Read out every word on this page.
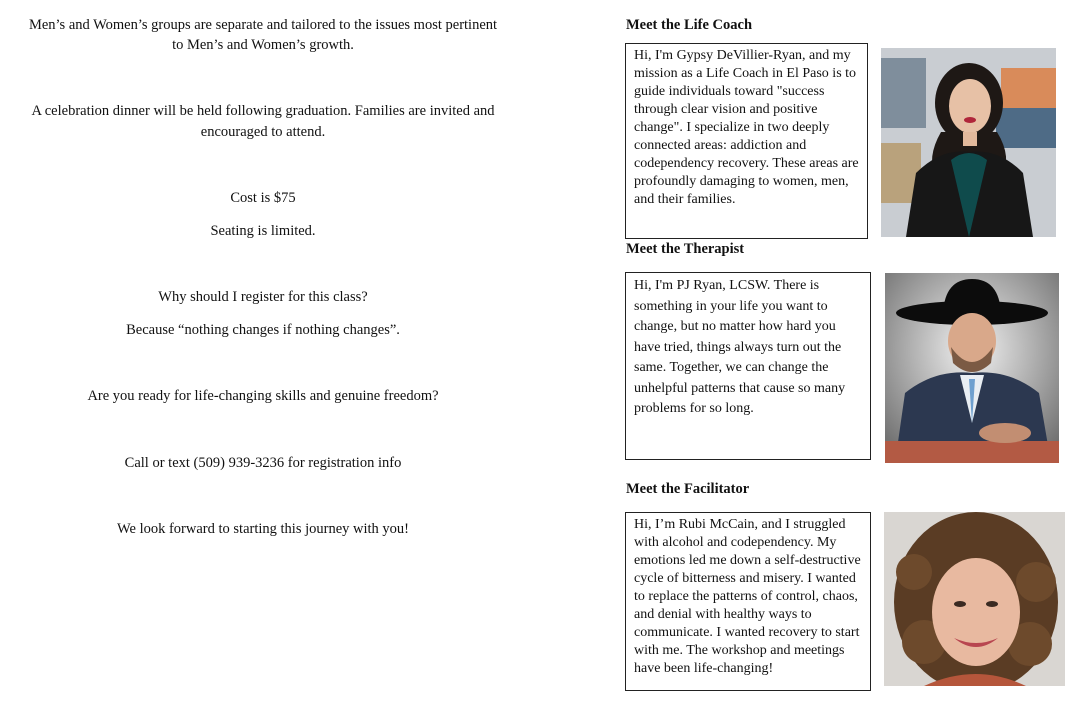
Men’s and Women’s groups are separate and tailored to the issues most pertinent

to Men’s and Women’s growth.

A celebration dinner will be held following graduation. Families are invited and

encouraged to attend.

Cost is $75

Seating is limited.

Why should I register for this class?

Because “nothing changes if nothing changes”.

Are you ready for life-changing skills and genuine freedom?

Call or text (509) 939-3236 for registration info

We look forward to starting this journey with you!

Meet the Life Coach
Hi, I'm Gypsy DeVillier-Ryan, and my mission as a Life Coach in El Paso is to guide individuals toward "success through clear vision and positive change". I specialize in two deeply connected areas: addiction and codependency recovery. These areas are profoundly damaging to women, men, and their families.
Meet the Therapist
Hi, I'm PJ Ryan, LCSW. There is something in your life you want to change, but no matter how hard you have tried, things always turn out the same. Together, we can change the unhelpful patterns that cause so many problems for so long.
Meet the Facilitator
Hi, I’m Rubi McCain, and I struggled with alcohol and codependency. My emotions led me down a self-destructive cycle of bitterness and misery. I wanted to replace the patterns of control, chaos, and denial with healthy ways to communicate. I wanted recovery to start with me. The workshop and meetings have been life-changing!
